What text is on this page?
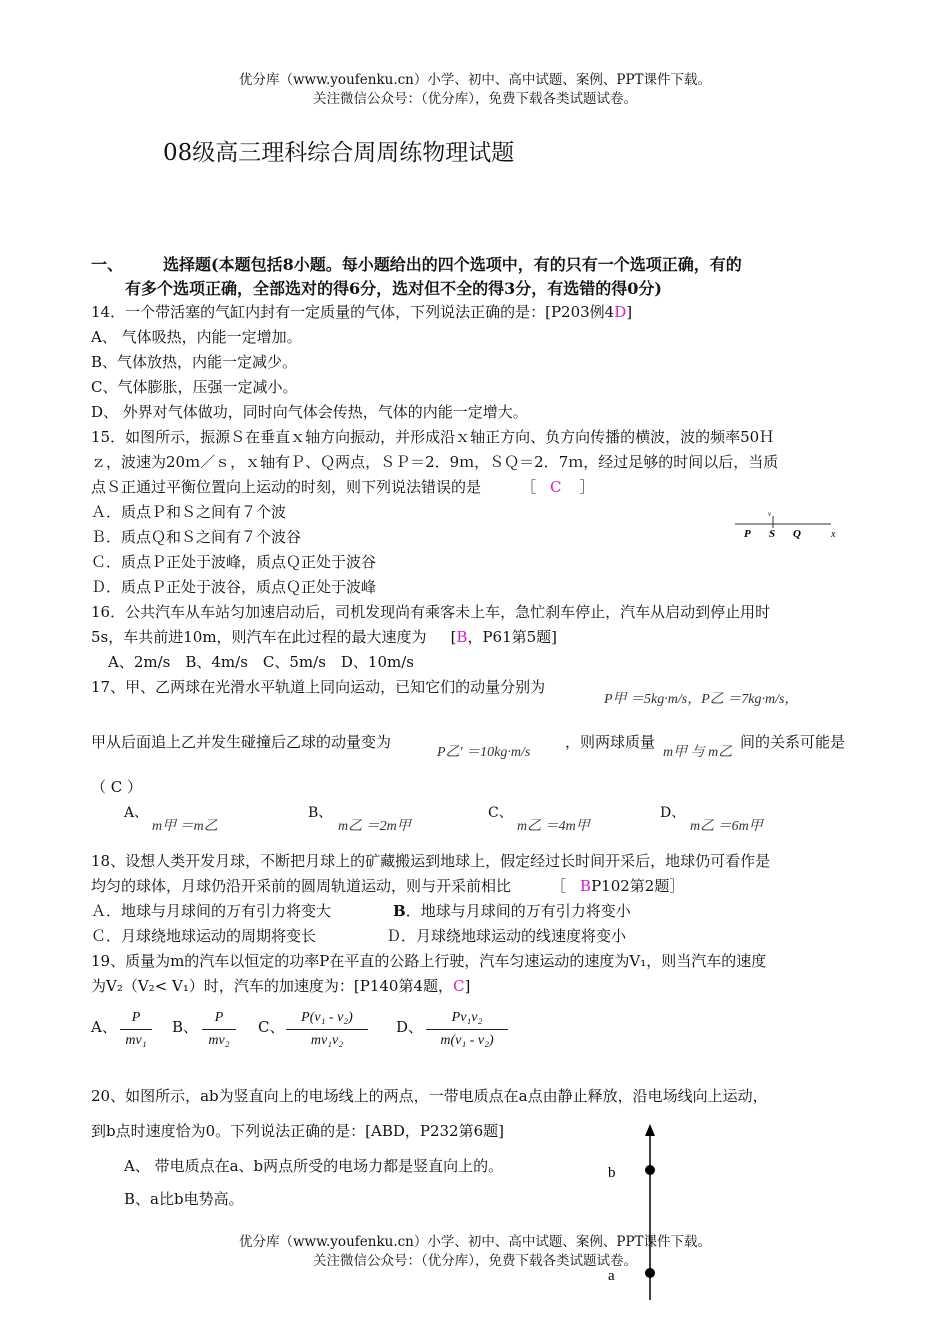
优分库（www.youfenku.cn）小学、初中、高中试题、案例、PPT课件下载。
关注微信公众号：（优分库），免费下载各类试题试卷。
08级高三理科综合周周练物理试题
一、 选择题(本题包括8小题。每小题给出的四个选项中，有的只有一个选项正确，有的
有多个选项正确，全部选对的得6分，选对但不全的得3分，有选错的得0分)
14．一个带活塞的气缸内封有一定质量的气体，下列说法正确的是：[P203例4D]
A、 气体吸热，内能一定增加。
B、气体放热，内能一定减少。
C、气体膨胀，压强一定减小。
D、 外界对气体做功，同时向气体会传热，气体的内能一定增大。
15．如图所示，振源Ｓ在垂直ｘ轴方向振动，并形成沿ｘ轴正方向、负方向传播的横波，波的频率50Ｈ
ｚ，波速为20ｍ／ｓ，ｘ轴有Ｐ、Ｑ两点，ＳＰ＝2．9ｍ，ＳＱ＝2．7ｍ，经过足够的时间以后，当质
点Ｓ正通过平衡位置向上运动的时刻，则下列说法错误的是	［ C ］
Ａ．质点Ｐ和Ｓ之间有７个波
Ｂ．质点Ｑ和Ｓ之间有７个波谷
Ｃ．质点Ｐ正处于波峰，质点Ｑ正处于波谷
Ｄ．质点Ｐ正处于波谷，质点Ｑ正处于波峰
v
P S Q	x
16．公共汽车从车站匀加速启动后，司机发现尚有乘客未上车，急忙刹车停止，汽车从启动到停止用时
5s，车共前进10m，则汽车在此过程的最大速度为 [B，P61第5题]
A、2m/s　B、4m/s　C、5m/s　D、10m/s
17、甲、乙两球在光滑水平轨道上同向运动，已知它们的动量分别为
P甲 ＝5kg·m/s，P乙 ＝7kg·m/s，
甲从后面追上乙并发生碰撞后乙球的动量变为
P乙′ ＝10kg·m/s
，则两球质量
m甲 与 m乙
间的关系可能是
（ C ）
A、
m甲 ＝m乙
B、
m乙 ＝2m甲
C、
m乙 ＝4m甲
D、
m乙 ＝6m甲
18、设想人类开发月球，不断把月球上的矿藏搬运到地球上，假定经过长时间开采后，地球仍可看作是
均匀的球体，月球仍沿开采前的圆周轨道运动，则与开采前相比	［ BP102第2题］
Ａ．地球与月球间的万有引力将变大	B．地球与月球间的万有引力将变小
Ｃ．月球绕地球运动的周期将变长	Ｄ．月球绕地球运动的线速度将变小
19、质量为m的汽车以恒定的功率P在平直的公路上行驶，汽车匀速运动的速度为V₁，则当汽车的速度
为V₂（V₂< V₁）时，汽车的加速度为：[P140第4题，C]
A、
P
mv₁
B、
P
mv₂
C、
P(v₁ - v₂)
mv₁v₂
D、
Pv₁v₂
m(v₁ - v₂)
20、如图所示，ab为竖直向上的电场线上的两点，一带电质点在a点由静止释放，沿电场线向上运动，
到b点时速度恰为0。下列说法正确的是：[ABD，P232第6题]
A、 带电质点在a、b两点所受的电场力都是竖直向上的。
B、a比b电势高。
b
a
优分库（www.youfenku.cn）小学、初中、高中试题、案例、PPT课件下载。
关注微信公众号：（优分库），免费下载各类试题试卷。
